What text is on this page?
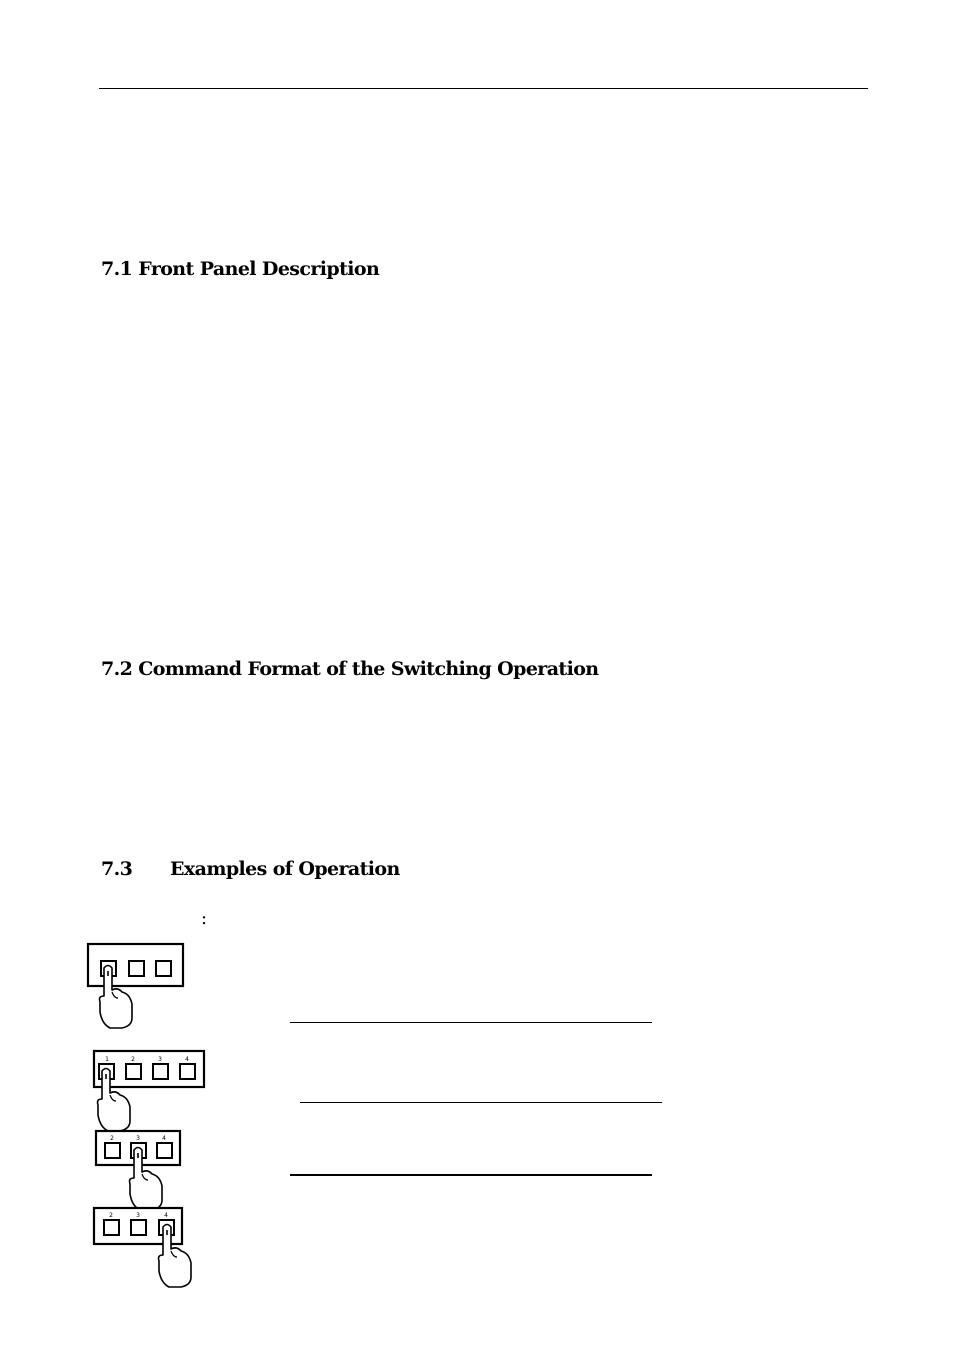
7.1 Front Panel Description
7.2 Command Format of the Switching Operation
7.3 Examples of Operation
:
1	2	3	4
2	3	4
2	3	4
